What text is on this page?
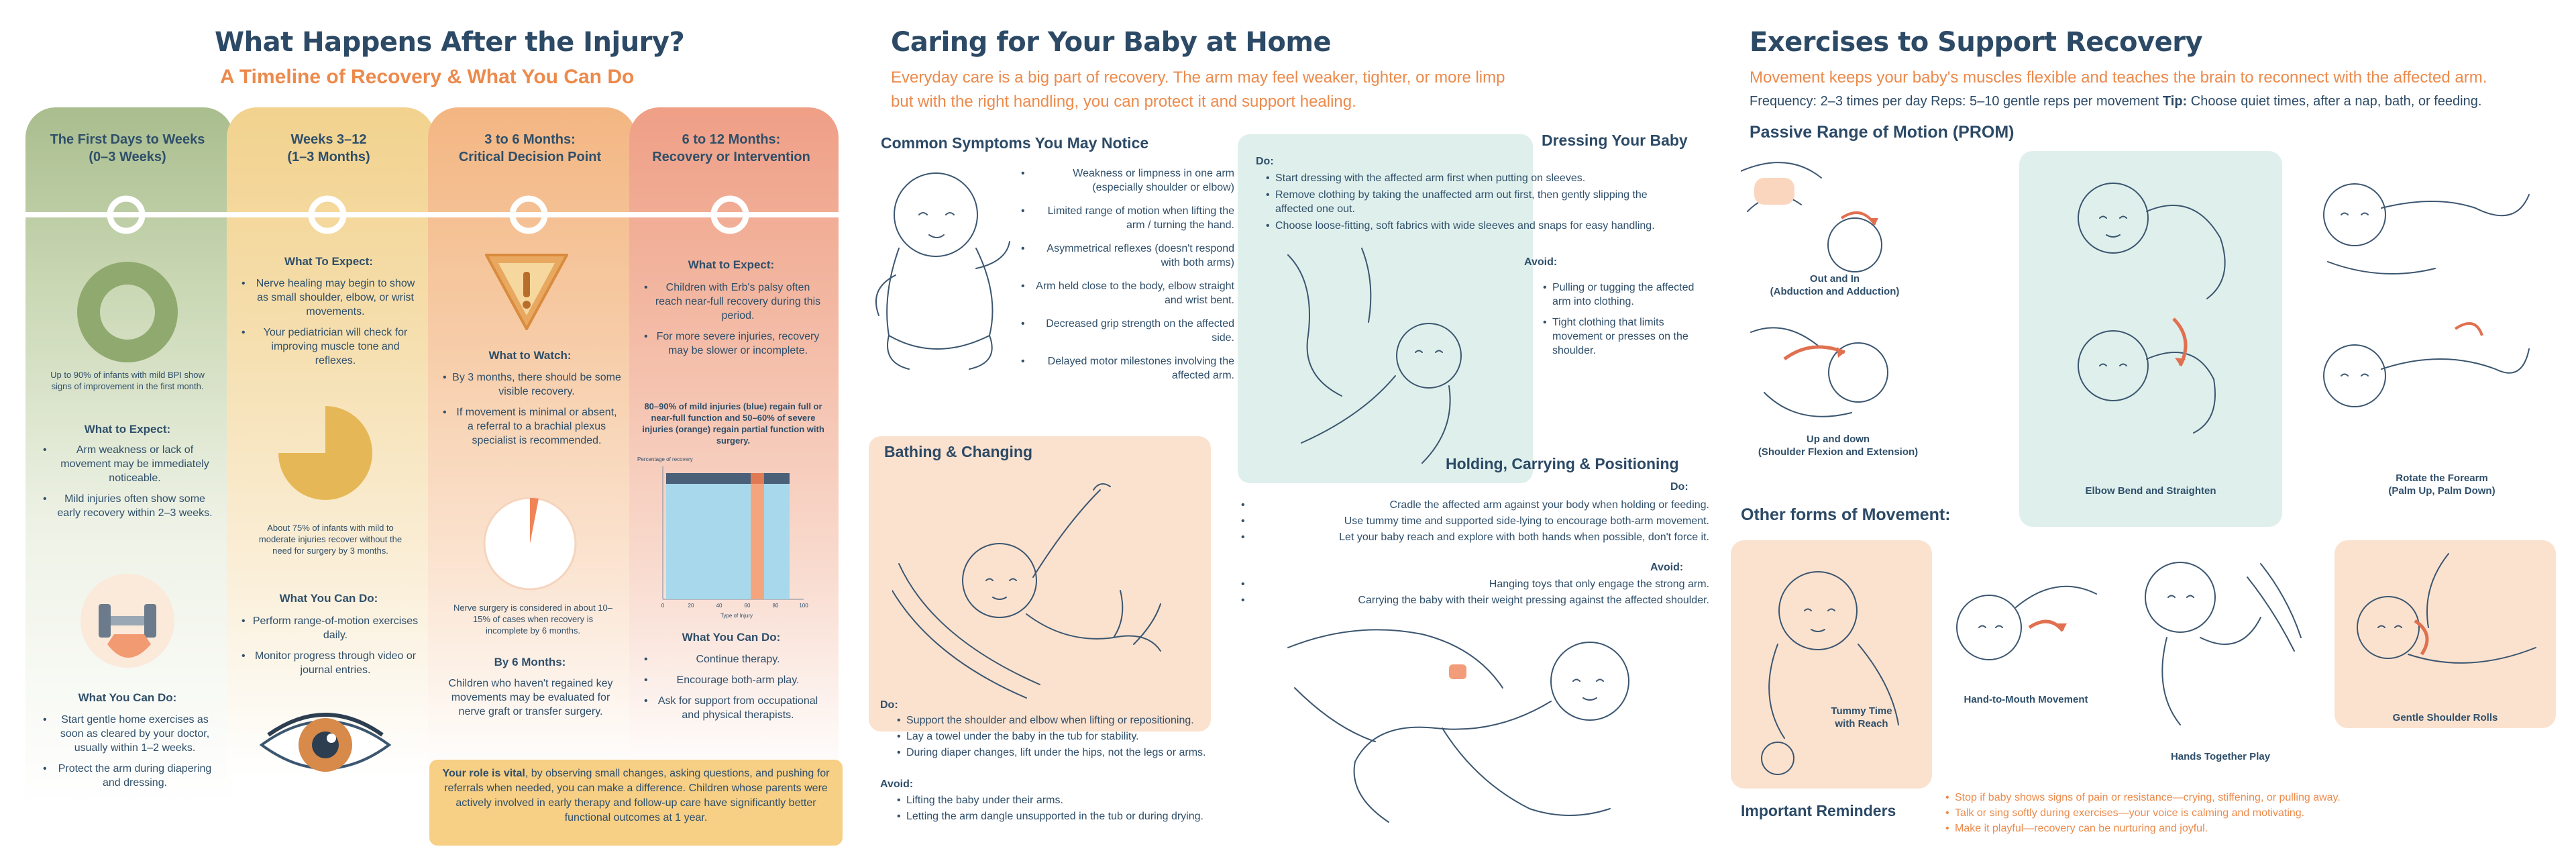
What Happens After the Injury?
A Timeline of Recovery & What You Can Do
The First Days to Weeks
(0–3 Weeks)
Weeks 3–12
(1–3 Months)
3 to 6 Months:
Critical Decision Point
6 to 12 Months:
Recovery or Intervention
Up to 90% of infants with mild BPI show signs of improvement in the first month.
What to Expect:
• Arm weakness or lack of movement may be immediately noticeable.
• Mild injuries often show some early recovery within 2–3 weeks.
What You Can Do:
• Start gentle home exercises as soon as cleared by your doctor, usually within 1–2 weeks.
• Protect the arm during diapering and dressing.
What To Expect:
• Nerve healing may begin to show as small shoulder, elbow, or wrist movements.
• Your pediatrician will check for improving muscle tone and reflexes.
About 75% of infants with mild to moderate injuries recover without the need for surgery by 3 months.
What You Can Do:
• Perform range-of-motion exercises daily.
• Monitor progress through video or journal entries.
What to Watch:
• By 3 months, there should be some visible recovery.
• If movement is minimal or absent, a referral to a brachial plexus specialist is recommended.
Nerve surgery is considered in about 10–15% of cases when recovery is incomplete by 6 months.
By 6 Months:
Children who haven't regained key movements may be evaluated for nerve graft or transfer surgery.
What to Expect:
• Children with Erb's palsy often reach near-full recovery during this period.
• For more severe injuries, recovery may be slower or incomplete.
80–90% of mild injuries (blue) regain full or near-full function and 50–60% of severe injuries (orange) regain partial function with surgery.
Percentage of recovery
0	20	40	60	80	100
Type of Injury
What You Can Do:
• Continue therapy.
• Encourage both-arm play.
• Ask for support from occupational and physical therapists.
Your role is vital, by observing small changes, asking questions, and pushing for referrals when needed, you can make a difference. Children whose parents were actively involved in early therapy and follow-up care have significantly better functional outcomes at 1 year.
Caring for Your Baby at Home
Everyday care is a big part of recovery. The arm may feel weaker, tighter, or more limp but with the right handling, you can protect it and support healing.
Common Symptoms You May Notice
• Weakness or limpness in one arm (especially shoulder or elbow)
• Limited range of motion when lifting the arm / turning the hand.
• Asymmetrical reflexes (doesn't respond with both arms)
• Arm held close to the body, elbow straight and wrist bent.
• Decreased grip strength on the affected side.
• Delayed motor milestones involving the affected arm.
Dressing Your Baby
Do:
• Start dressing with the affected arm first when putting on sleeves.
• Remove clothing by taking the unaffected arm out first, then gently slipping the affected one out.
• Choose loose-fitting, soft fabrics with wide sleeves and snaps for easy handling.
Avoid:
• Pulling or tugging the affected arm into clothing.
• Tight clothing that limits movement or presses on the shoulder.
Bathing & Changing
Do:
• Support the shoulder and elbow when lifting or repositioning.
• Lay a towel under the baby in the tub for stability.
• During diaper changes, lift under the hips, not the legs or arms.
Avoid:
• Lifting the baby under their arms.
• Letting the arm dangle unsupported in the tub or during drying.
Holding, Carrying & Positioning
Do:
• Cradle the affected arm against your body when holding or feeding.
• Use tummy time and supported side-lying to encourage both-arm movement.
• Let your baby reach and explore with both hands when possible, don't force it.
Avoid:
• Hanging toys that only engage the strong arm.
• Carrying the baby with their weight pressing against the affected shoulder.
Exercises to Support Recovery
Movement keeps your baby's muscles flexible and teaches the brain to reconnect with the affected arm.
Frequency: 2–3 times per day Reps: 5–10 gentle reps per movement Tip: Choose quiet times, after a nap, bath, or feeding.
Passive Range of Motion (PROM)
Out and In
(Abduction and Adduction)
Up and down
(Shoulder Flexion and Extension)
Elbow Bend and Straighten
Rotate the Forearm
(Palm Up, Palm Down)
Other forms of Movement:
Tummy Time
with Reach
Hand-to-Mouth Movement
Hands Together Play
Gentle Shoulder Rolls
Important Reminders
• Stop if baby shows signs of pain or resistance—crying, stiffening, or pulling away.
• Talk or sing softly during exercises—your voice is calming and motivating.
• Make it playful—recovery can be nurturing and joyful.
